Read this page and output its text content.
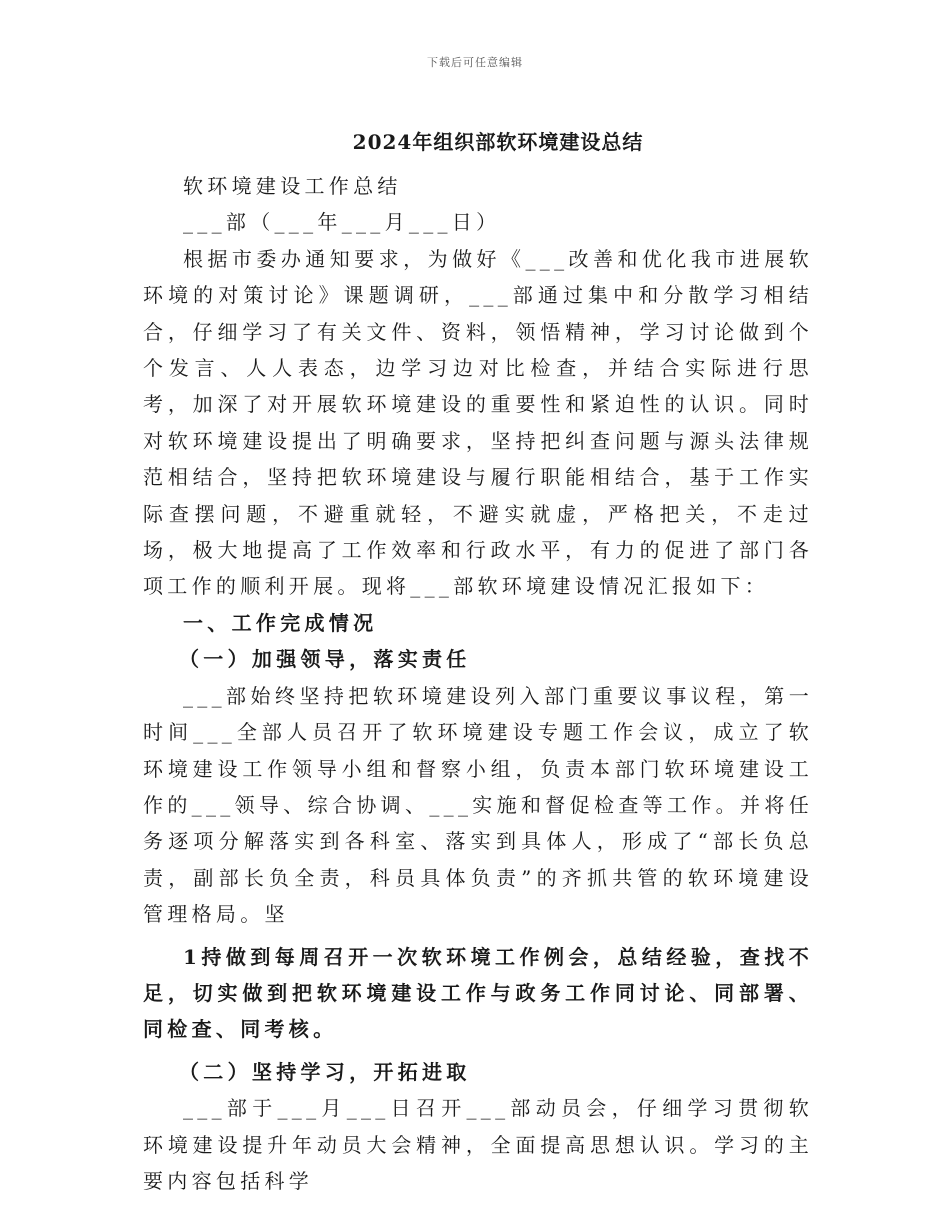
下载后可任意编辑
2024年组织部软环境建设总结

软环境建设工作总结

___部（___年___月___日）

根据市委办通知要求，为做好《___改善和优化我市进展软环境的对策讨论》课题调研，___部通过集中和分散学习相结合，仔细学习了有关文件、资料，领悟精神，学习讨论做到个个发言、人人表态，边学习边对比检查，并结合实际进行思考，加深了对开展软环境建设的重要性和紧迫性的认识。同时对软环境建设提出了明确要求，坚持把纠查问题与源头法律规范相结合，坚持把软环境建设与履行职能相结合，基于工作实际查摆问题，不避重就轻，不避实就虚，严格把关，不走过场，极大地提高了工作效率和行政水平，有力的促进了部门各项工作的顺利开展。现将___部软环境建设情况汇报如下：

一、工作完成情况

（一）加强领导，落实责任

___部始终坚持把软环境建设列入部门重要议事议程，第一时间___全部人员召开了软环境建设专题工作会议，成立了软环境建设工作领导小组和督察小组，负责本部门软环境建设工作的___领导、综合协调、___实施和督促检查等工作。并将任务逐项分解落实到各科室、落实到具体人，形成了“部长负总责，副部长负全责，科员具体负责”的齐抓共管的软环境建设管理格局。坚

1持做到每周召开一次软环境工作例会，总结经验，查找不足，切实做到把软环境建设工作与政务工作同讨论、同部署、同检查、同考核。

（二）坚持学习，开拓进取

___部于___月___日召开___部动员会，仔细学习贯彻软环境建设提升年动员大会精神，全面提高思想认识。学习的主要内容包括科学
